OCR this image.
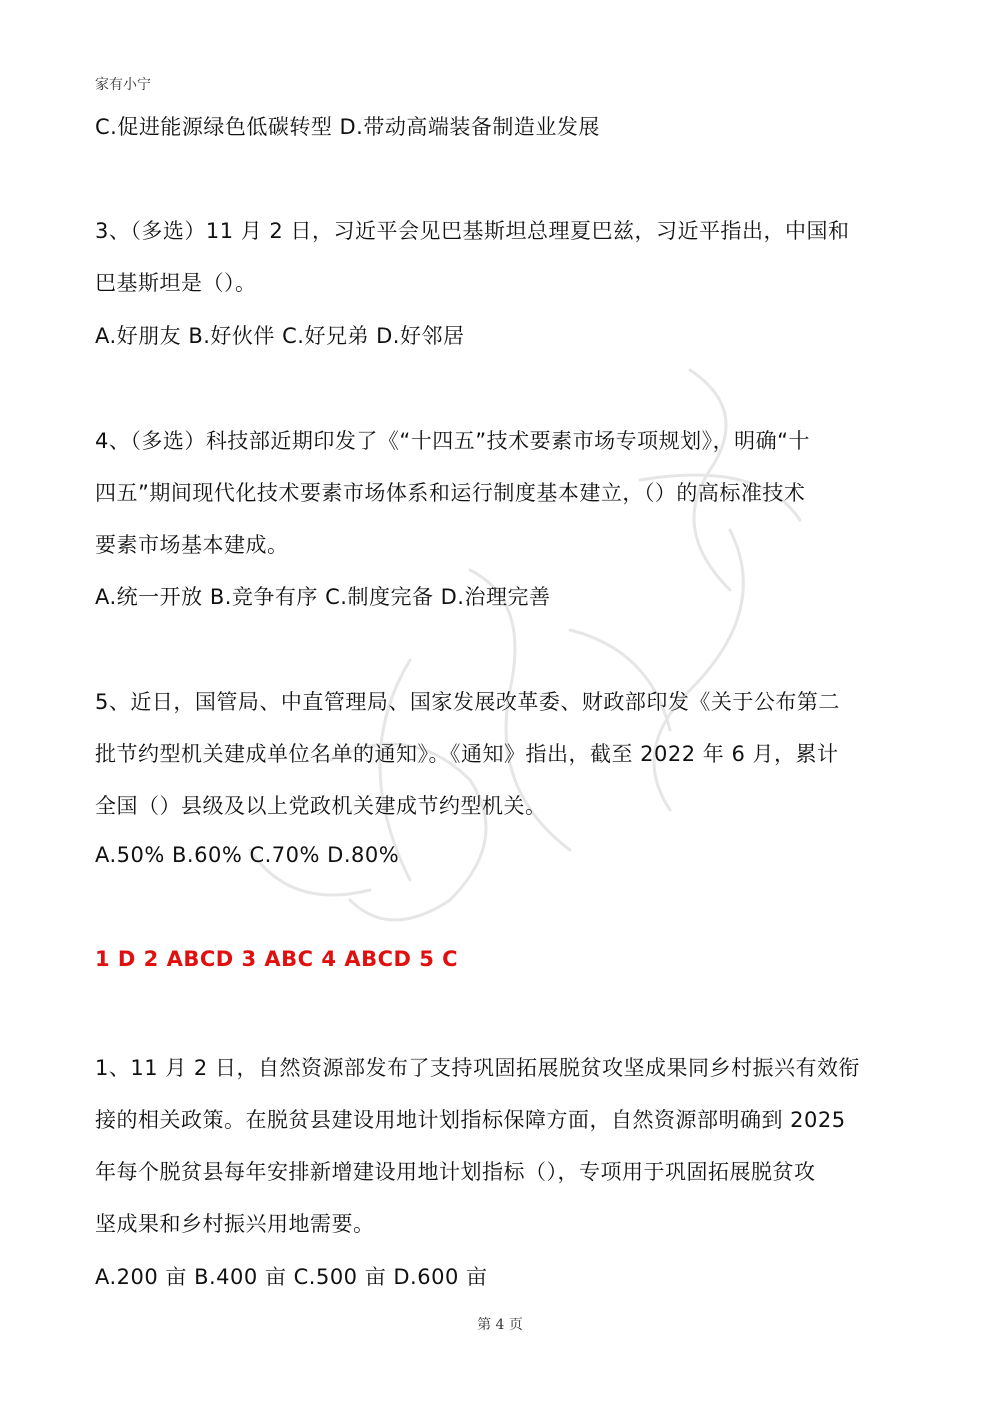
家有小宁
C.促进能源绿色低碳转型 D.带动高端装备制造业发展
3、（多选）11 月 2 日，习近平会见巴基斯坦总理夏巴兹，习近平指出，中国和
巴基斯坦是（）。
A.好朋友 B.好伙伴 C.好兄弟 D.好邻居
4、（多选）科技部近期印发了《“十四五”技术要素市场专项规划》，明确“十
四五”期间现代化技术要素市场体系和运行制度基本建立，（）的高标准技术
要素市场基本建成。
A.统一开放 B.竞争有序 C.制度完备 D.治理完善
5、近日，国管局、中直管理局、国家发展改革委、财政部印发《关于公布第二
批节约型机关建成单位名单的通知》。《通知》指出，截至 2022 年 6 月，累计
全国（）县级及以上党政机关建成节约型机关。
A.50% B.60% C.70% D.80%
1 D 2 ABCD 3 ABC 4 ABCD 5 C
1、11 月 2 日，自然资源部发布了支持巩固拓展脱贫攻坚成果同乡村振兴有效衔
接的相关政策。在脱贫县建设用地计划指标保障方面，自然资源部明确到 2025
年每个脱贫县每年安排新增建设用地计划指标（），专项用于巩固拓展脱贫攻
坚成果和乡村振兴用地需要。
A.200 亩 B.400 亩 C.500 亩 D.600 亩
第 4 页
